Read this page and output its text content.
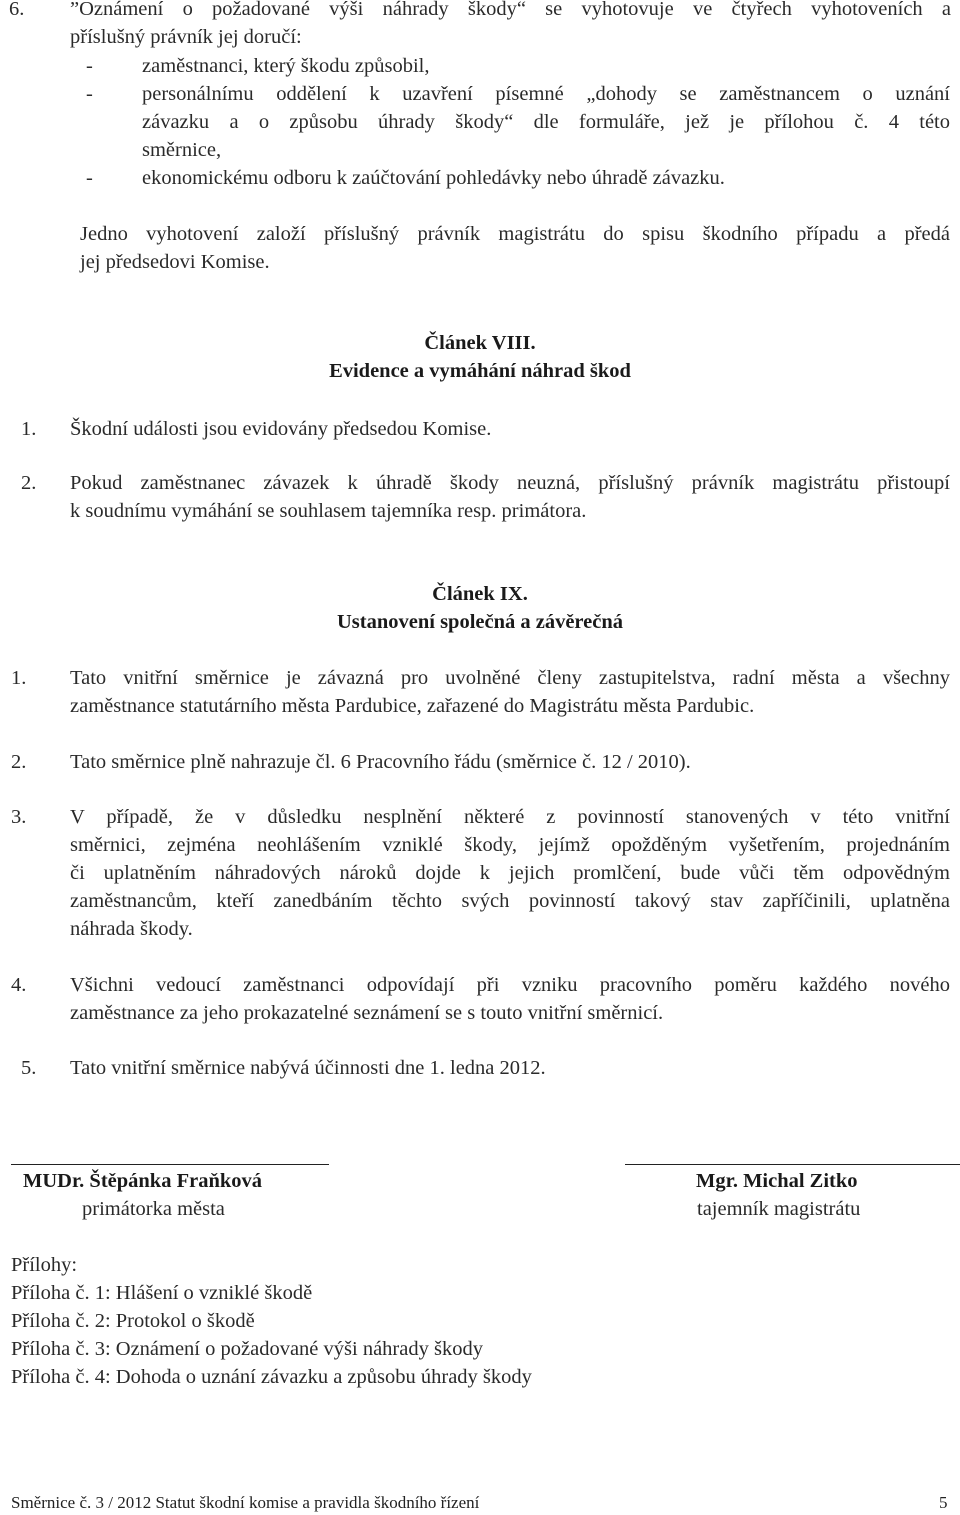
6. ”Oznámení o požadované výši náhrady škody“ se vyhotovuje ve čtyřech vyhotoveních a
příslušný právník jej doručí:
- zaměstnanci, který škodu způsobil,
- personálnímu oddělení k uzavření písemné „dohody se zaměstnancem o uznání
závazku a o způsobu úhrady škody“ dle formuláře, jež je přílohou č. 4 této
směrnice,
- ekonomickému odboru k zaúčtování pohledávky nebo úhradě závazku.
Jedno vyhotovení založí příslušný právník magistrátu do spisu škodního případu a předá
jej předsedovi Komise.
Článek VIII.
Evidence a vymáhání náhrad škod
1. Škodní události jsou evidovány předsedou Komise.
2. Pokud zaměstnanec závazek k úhradě škody neuzná, příslušný právník magistrátu přistoupí
k soudnímu vymáhání se souhlasem tajemníka resp. primátora.
Článek IX.
Ustanovení společná a závěrečná
1. Tato vnitřní směrnice je závazná pro uvolněné členy zastupitelstva, radní města a všechny
zaměstnance statutárního města Pardubice, zařazené do Magistrátu města Pardubic.
2. Tato směrnice plně nahrazuje čl. 6 Pracovního řádu (směrnice č. 12 / 2010).
3. V případě, že v důsledku nesplnění některé z povinností stanovených v této vnitřní
směrnici, zejména neohlášením vzniklé škody, jejímž opožděným vyšetřením, projednáním
či uplatněním náhradových nároků dojde k jejich promlčení, bude vůči těm odpovědným
zaměstnancům, kteří zanedbáním těchto svých povinností takový stav zapříčinili, uplatněna
náhrada škody.
4. Všichni vedoucí zaměstnanci odpovídají při vzniku pracovního poměru každého nového
zaměstnance za jeho prokazatelné seznámení se s touto vnitřní směrnicí.
5. Tato vnitřní směrnice nabývá účinnosti dne 1. ledna 2012.
MUDr. Štěpánka Fraňková
primátorka města
Mgr. Michal Zitko
tajemník magistrátu
Přílohy:
Příloha č. 1: Hlášení o vzniklé škodě
Příloha č. 2: Protokol o škodě
Příloha č. 3: Oznámení o požadované výši náhrady škody
Příloha č. 4: Dohoda o uznání závazku a způsobu úhrady škody
Směrnice č. 3 / 2012 Statut škodní komise a pravidla škodního řízení	5
